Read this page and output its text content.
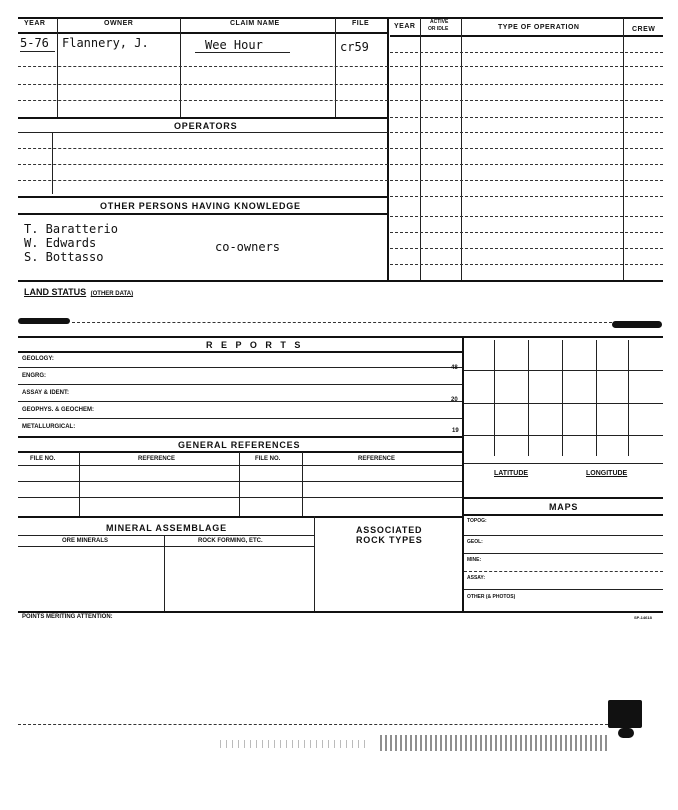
YEAR	OWNER	CLAIM NAME	FILE	YEAR
ACTIVE
OR IDLE	TYPE OF OPERATION	CREW
5-76 Flannery, J.	Wee Hour	cr59
OPERATORS
OTHER PERSONS HAVING KNOWLEDGE
T. Baratterio
W. Edwards
S. Bottasso
co-owners
LAND STATUS (OTHER DATA)
R E P O R T S
GEOLOGY:
ENGRG:
48
ASSAY & IDENT:
GEOPHYS. & GEOCHEM:
20
METALLURGICAL:
19
GENERAL REFERENCES
FILE NO.	REFERENCE	FILE NO.	REFERENCE
MINERAL ASSEMBLAGE
ORE MINERALS	ROCK FORMING, ETC.
ASSOCIATED
ROCK TYPES
LATITUDE	LONGITUDE
MAPS
TOPOG:
GEOL:
MINE:
ASSAY:
OTHER (& PHOTOS)
POINTS MERITING ATTENTION:	SP-14618
